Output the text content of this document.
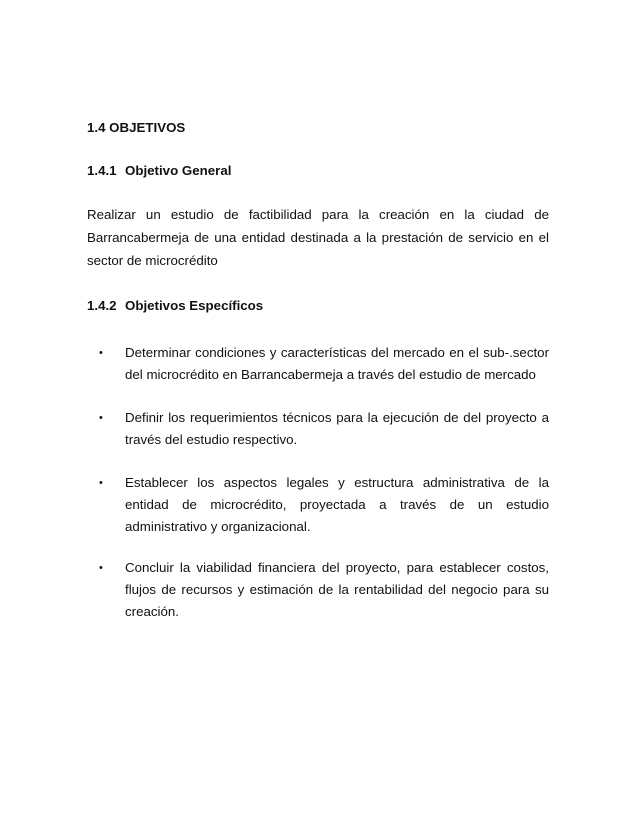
1.4 OBJETIVOS

1.4.1 Objetivo General

Realizar un estudio de factibilidad para la creación en la ciudad de Barrancabermeja de una entidad destinada a la prestación de servicio en el sector de microcrédito

1.4.2 Objetivos Específicos

• Determinar condiciones y características del mercado en el sub-.sector del microcrédito en Barrancabermeja a través del estudio de mercado
• Definir los requerimientos técnicos para la ejecución de del proyecto a través del estudio respectivo.
• Establecer los aspectos legales y estructura administrativa de la entidad de microcrédito, proyectada a través de un estudio administrativo y organizacional.
• Concluir la viabilidad financiera del proyecto, para establecer costos, flujos de recursos y estimación de la rentabilidad del negocio para su creación.
